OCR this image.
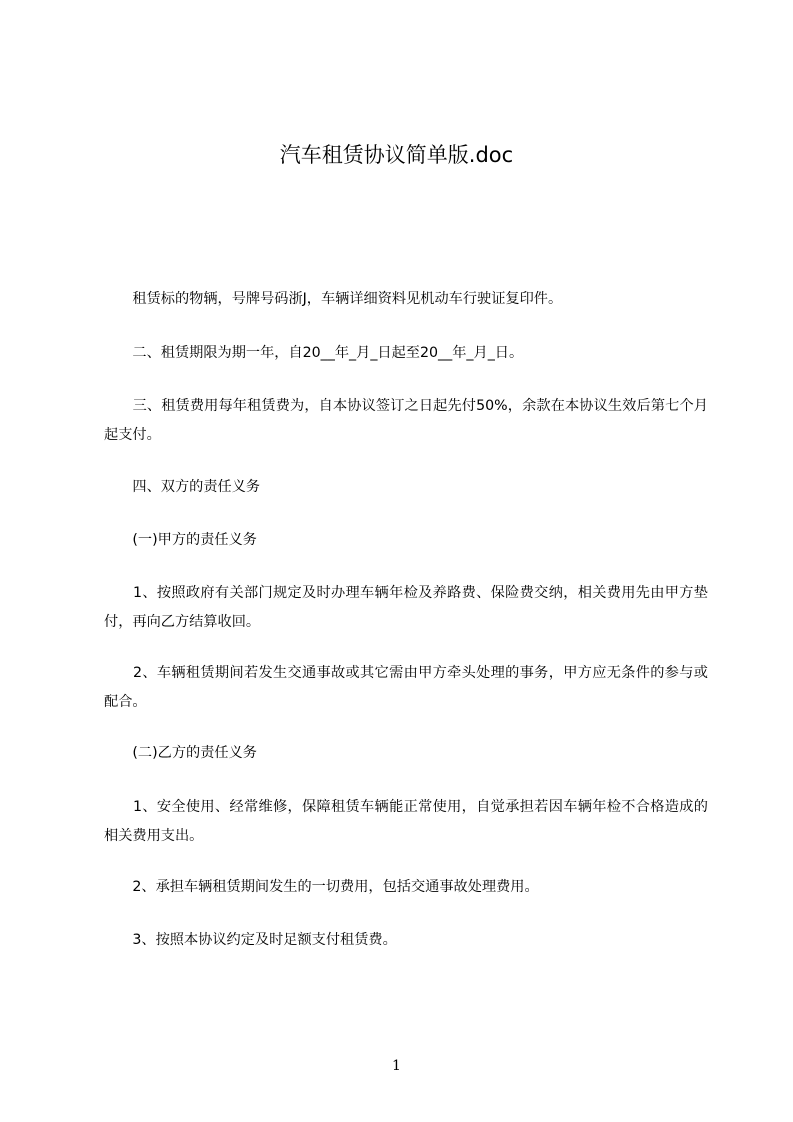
汽车租赁协议简单版.doc

　　租赁标的物辆，号牌号码浙J，车辆详细资料见机动车行驶证复印件。

　　二、租赁期限为期一年，自20__年_月_日起至20__年_月_日。

　　三、租赁费用每年租赁费为，自本协议签订之日起先付50%，余款在本协议生效后第七个月起支付。

　　四、双方的责任义务

　　(一)甲方的责任义务

　　1、按照政府有关部门规定及时办理车辆年检及养路费、保险费交纳，相关费用先由甲方垫付，再向乙方结算收回。

　　2、车辆租赁期间若发生交通事故或其它需由甲方牵头处理的事务，甲方应无条件的参与或配合。

　　(二)乙方的责任义务

　　1、安全使用、经常维修，保障租赁车辆能正常使用，自觉承担若因车辆年检不合格造成的相关费用支出。

　　2、承担车辆租赁期间发生的一切费用，包括交通事故处理费用。

　　3、按照本协议约定及时足额支付租赁费。

1
